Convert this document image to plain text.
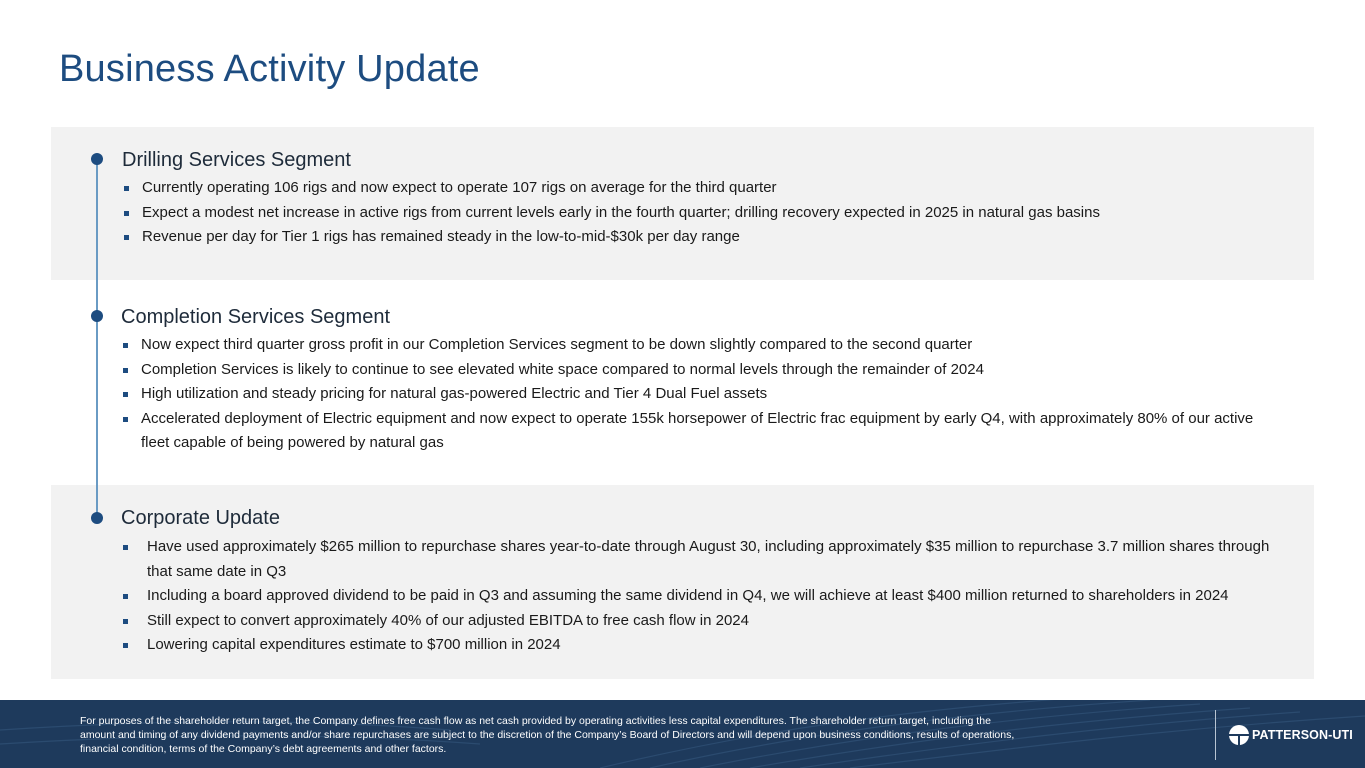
Business Activity Update
Drilling Services Segment
Currently operating 106 rigs and now expect to operate 107 rigs on average for the third quarter
Expect a modest net increase in active rigs from current levels early in the fourth quarter; drilling recovery expected in 2025 in natural gas basins
Revenue per day for Tier 1 rigs has remained steady in the low-to-mid-$30k per day range
Completion Services Segment
Now expect third quarter gross profit in our Completion Services segment to be down slightly compared to the second quarter
Completion Services is likely to continue to see elevated white space compared to normal levels through the remainder of 2024
High utilization and steady pricing for natural gas-powered Electric and Tier 4 Dual Fuel assets
Accelerated deployment of Electric equipment and now expect to operate 155k horsepower of Electric frac equipment by early Q4, with approximately 80% of our active fleet capable of being powered by natural gas
Corporate Update
Have used approximately $265 million to repurchase shares year-to-date through August 30, including approximately $35 million to repurchase 3.7 million shares through that same date in Q3
Including a board approved dividend to be paid in Q3 and assuming the same dividend in Q4, we will achieve at least $400 million returned to shareholders in 2024
Still expect to convert approximately 40% of our adjusted EBITDA to free cash flow in 2024
Lowering capital expenditures estimate to $700 million in 2024

For purposes of the shareholder return target, the Company defines free cash flow as net cash provided by operating activities less capital expenditures. The shareholder return target, including the amount and timing of any dividend payments and/or share repurchases are subject to the discretion of the Company’s Board of Directors and will depend upon business conditions, results of operations, financial condition, terms of the Company’s debt agreements and other factors.

PATTERSON-UTI
